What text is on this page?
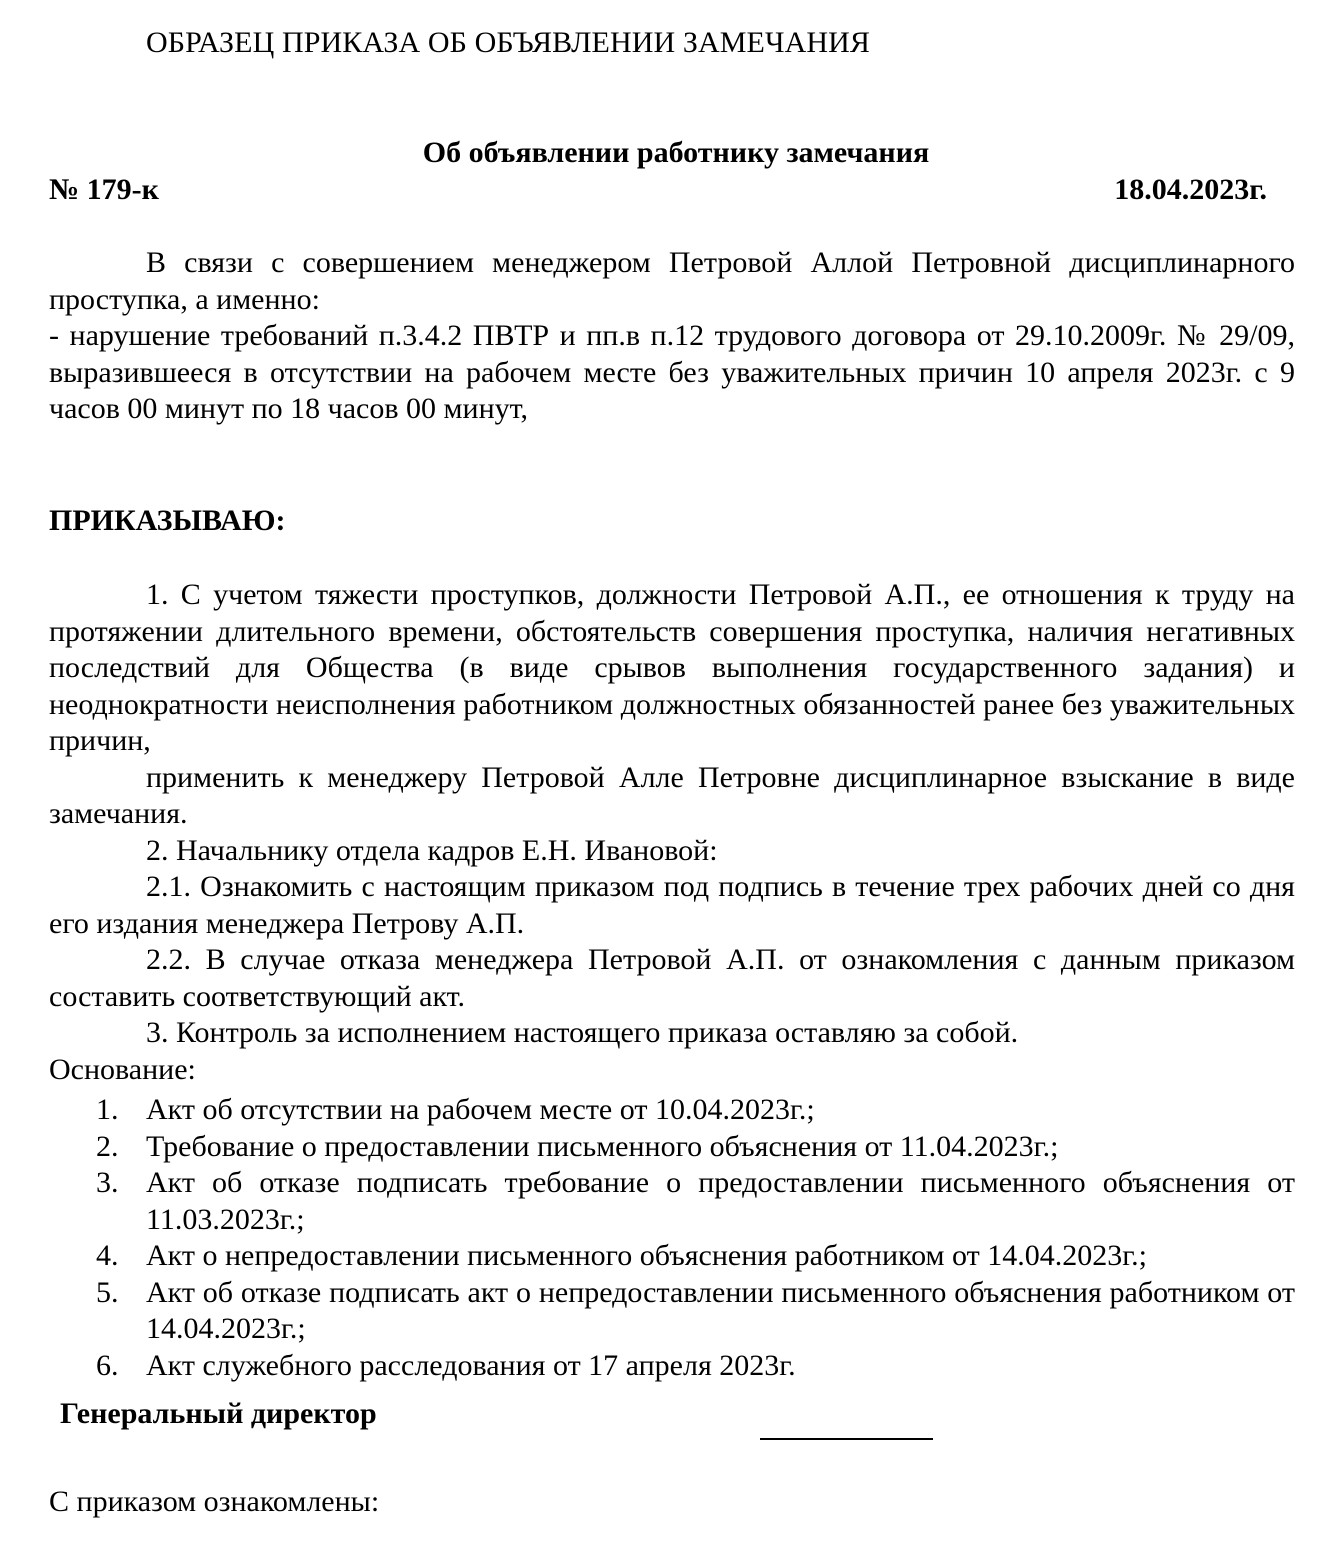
ОБРАЗЕЦ ПРИКАЗА ОБ ОБЪЯВЛЕНИИ ЗАМЕЧАНИЯ
Об объявлении работнику замечания
№ 179-к	18.04.2023г.

В связи с совершением менеджером Петровой Аллой Петровной дисциплинарного проступка, а именно:

- нарушение требований п.3.4.2 ПВТР и пп.в п.12 трудового договора от 29.10.2009г. № 29/09, выразившееся в отсутствии на рабочем месте без уважительных причин 10 апреля 2023г. с 9 часов 00 минут по 18 часов 00 минут,

ПРИКАЗЫВАЮ:

1. С учетом тяжести проступков, должности Петровой А.П., ее отношения к труду на протяжении длительного времени, обстоятельств совершения проступка, наличия негативных последствий для Общества (в виде срывов выполнения государственного задания) и неоднократности неисполнения работником должностных обязанностей ранее без уважительных причин,

применить к менеджеру Петровой Алле Петровне дисциплинарное взыскание в виде замечания.

2. Начальнику отдела кадров Е.Н. Ивановой:

2.1. Ознакомить с настоящим приказом под подпись в течение трех рабочих дней со дня его издания менеджера Петрову А.П.

2.2. В случае отказа менеджера Петровой А.П. от ознакомления с данным приказом составить соответствующий акт.

3. Контроль за исполнением настоящего приказа оставляю за собой.

Основание:

1. Акт об отсутствии на рабочем месте от 10.04.2023г.;
2. Требование о предоставлении письменного объяснения от 11.04.2023г.;
3. Акт об отказе подписать требование о предоставлении письменного объяснения от 11.03.2023г.;
4. Акт о непредоставлении письменного объяснения работником от 14.04.2023г.;
5. Акт об отказе подписать акт о непредоставлении письменного объяснения работником от 14.04.2023г.;
6. Акт служебного расследования от 17 апреля 2023г.
Генеральный директор
С приказом ознакомлены:
